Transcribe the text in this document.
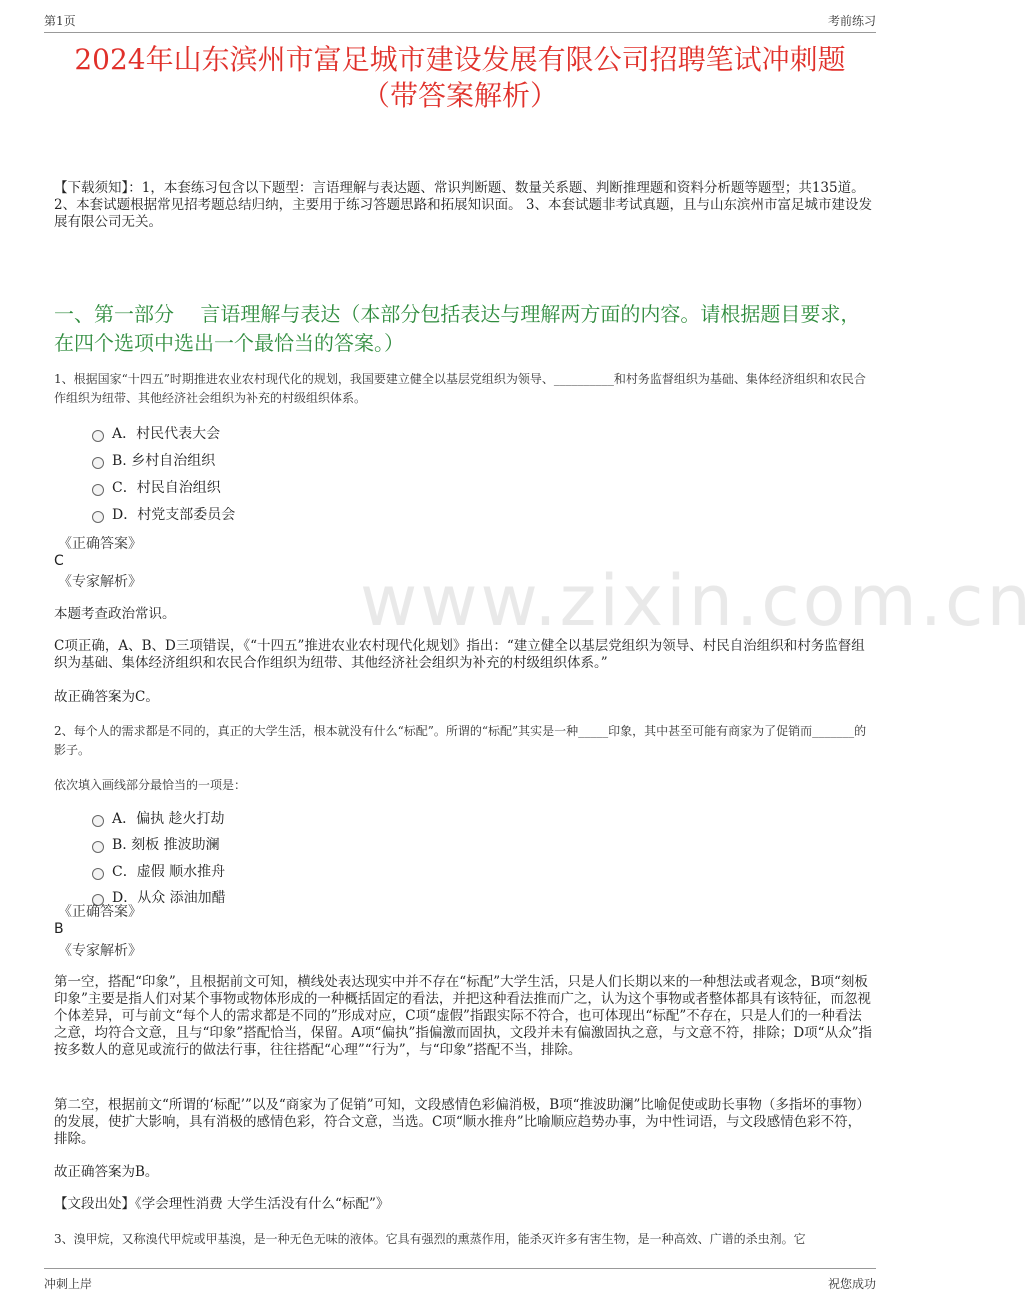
第1页	考前练习
www.zixin.com.cn
2024年山东滨州市富足城市建设发展有限公司招聘笔试冲刺题
（带答案解析）
【下载须知】：1，本套练习包含以下题型：言语理解与表达题、常识判断题、数量关系题、判断推理题和资料分析题等题型；共135道。 2、本套试题根据常见招考题总结归纳，主要用于练习答题思路和拓展知识面。 3、本套试题非考试真题，且与山东滨州市富足城市建设发展有限公司无关。
一、第一部分　 言语理解与表达（本部分包括表达与理解两方面的内容。请根据题目要求，在四个选项中选出一个最恰当的答案。）
1、根据国家“十四五”时期推进农业农村现代化的规划，我国要建立健全以基层党组织为领导、__________和村务监督组织为基础、集体经济组织和农民合作组织为纽带、其他经济社会组织为补充的村级组织体系。
A．村民代表大会
B. 乡村自治组织
C．村民自治组织
D．村党支部委员会
《正确答案》
C
《专家解析》
本题考查政治常识。
C项正确，A、B、D三项错误，《“十四五”推进农业农村现代化规划》指出：“建立健全以基层党组织为领导、村民自治组织和村务监督组织为基础、集体经济组织和农民合作组织为纽带、其他经济社会组织为补充的村级组织体系。”
故正确答案为C。
2、每个人的需求都是不同的，真正的大学生活，根本就没有什么“标配”。所谓的“标配”其实是一种_____印象，其中甚至可能有商家为了促销而_______的影子。
依次填入画线部分最恰当的一项是：
A．偏执 趁火打劫
B. 刻板 推波助澜
C．虚假 顺水推舟
D．从众 添油加醋
《正确答案》
B
《专家解析》
第一空，搭配“印象”，且根据前文可知，横线处表达现实中并不存在“标配”大学生活，只是人们长期以来的一种想法或者观念，B项“刻板印象”主要是指人们对某个事物或物体形成的一种概括固定的看法，并把这种看法推而广之，认为这个事物或者整体都具有该特征，而忽视个体差异，可与前文“每个人的需求都是不同的”形成对应，C项“虚假”指跟实际不符合，也可体现出“标配”不存在，只是人们的一种看法之意，均符合文意，且与“印象”搭配恰当，保留。A项“偏执”指偏激而固执，文段并未有偏激固执之意，与文意不符，排除；D项“从众”指按多数人的意见或流行的做法行事，往往搭配“心理”“行为”，与“印象”搭配不当，排除。
第二空，根据前文“所谓的‘标配’”以及“商家为了促销”可知，文段感情色彩偏消极，B项“推波助澜”比喻促使或助长事物（多指坏的事物）的发展，使扩大影响，具有消极的感情色彩，符合文意，当选。C项“顺水推舟”比喻顺应趋势办事，为中性词语，与文段感情色彩不符，排除。
故正确答案为B。
【文段出处】《学会理性消费 大学生活没有什么“标配”》
3、溴甲烷，又称溴代甲烷或甲基溴，是一种无色无味的液体。它具有强烈的熏蒸作用，能杀灭许多有害生物，是一种高效、广谱的杀虫剂。它
冲刺上岸	祝您成功
